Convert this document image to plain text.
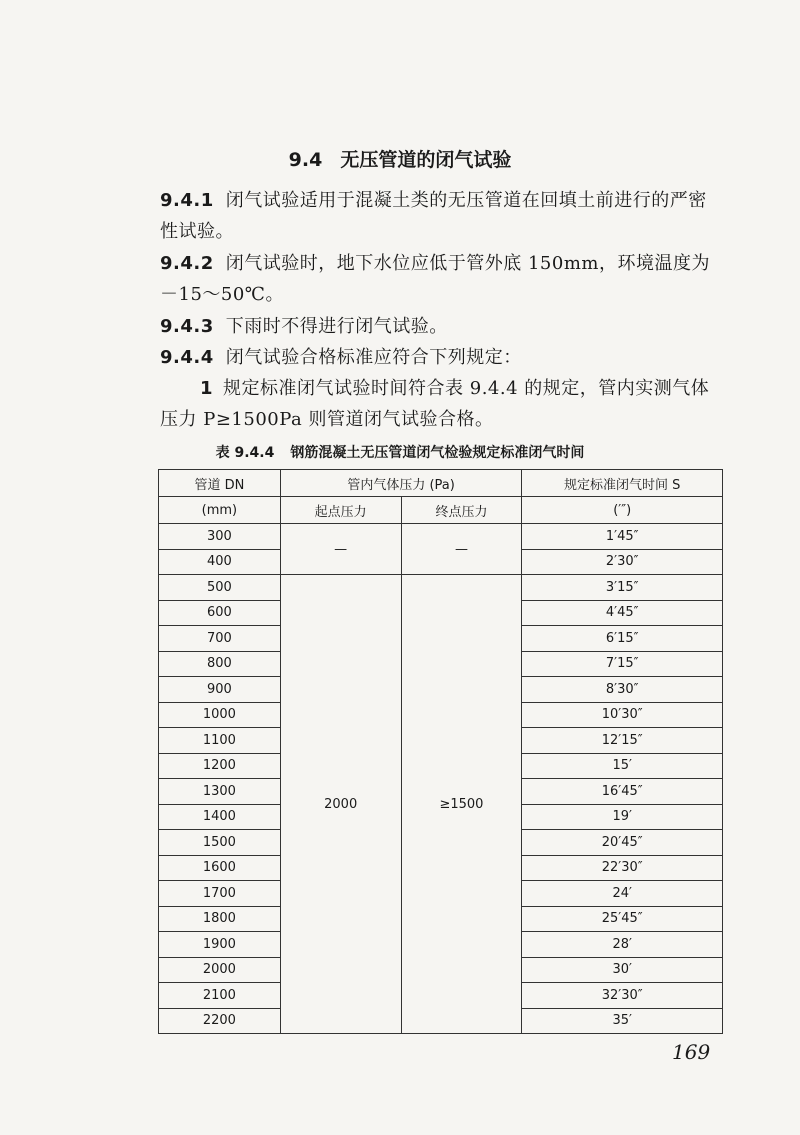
9.4 无压管道的闭气试验
9.4.1 闭气试验适用于混凝土类的无压管道在回填土前进行的严密性试验。
9.4.2 闭气试验时，地下水位应低于管外底 150mm，环境温度为－15～50℃。
9.4.3 下雨时不得进行闭气试验。
9.4.4 闭气试验合格标准应符合下列规定：
1 规定标准闭气试验时间符合表 9.4.4 的规定，管内实测气体压力 P≥1500Pa 则管道闭气试验合格。
表 9.4.4 钢筋混凝土无压管道闭气检验规定标准闭气时间
管道 DN	管内气体压力 (Pa)		规定标准闭气时间 S
(mm)	起点压力	终点压力	(′″)
300	—	—	1′45″
400			2′30″
500	2000	≥1500	3′15″
600			4′45″
700			6′15″
800			7′15″
900			8′30″
1000			10′30″
1100			12′15″
1200			15′
1300			16′45″
1400			19′
1500			20′45″
1600			22′30″
1700			24′
1800			25′45″
1900			28′
2000			30′
2100			32′30″
2200			35′
169
